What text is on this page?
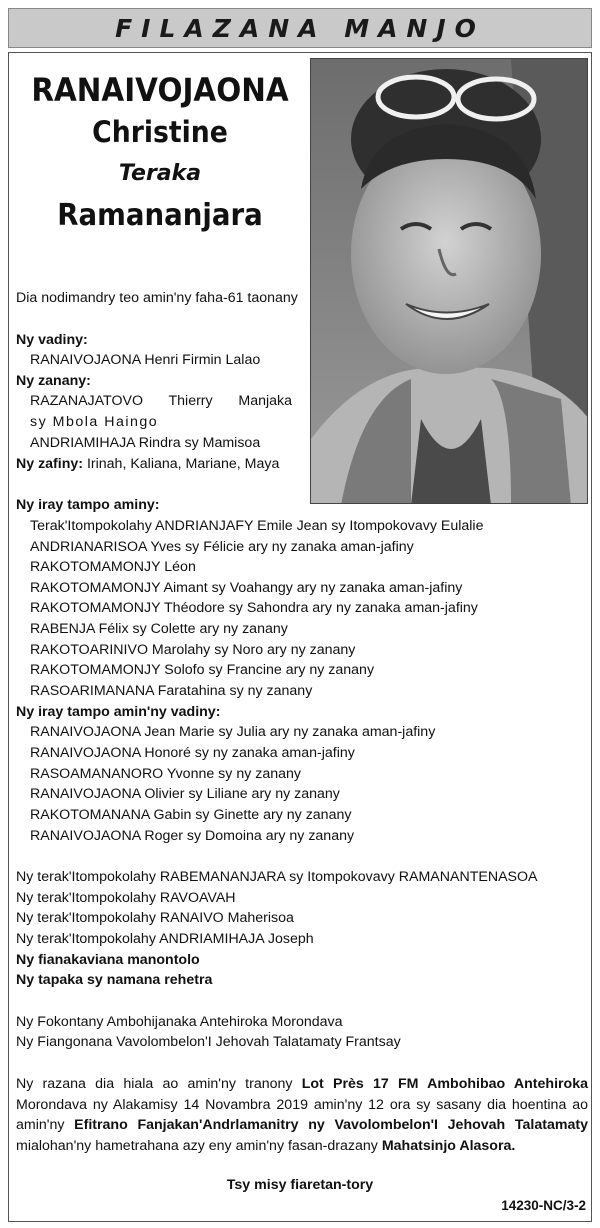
FILAZANA MANJO
RANAIVOJAONA
Christine
Teraka
Ramananjara
Dia nodimandry teo amin'ny faha-61 taonany
Ny vadiny:
RANAIVOJAONA Henri Firmin Lalao
Ny zanany:
RAZANAJATOVO Thierry Manjaka
sy Mbola Haingo
ANDRIAMIHAJA Rindra sy Mamisoa
Ny zafiny: Irinah, Kaliana, Mariane, Maya
Ny iray tampo aminy:
Terak'Itompokolahy ANDRIANJAFY Emile Jean sy Itompokovavy Eulalie
ANDRIANARISOA Yves sy Félicie ary ny zanaka aman-jafiny
RAKOTOMAMONJY Léon
RAKOTOMAMONJY Aimant sy Voahangy ary ny zanaka aman-jafiny
RAKOTOMAMONJY Théodore sy Sahondra ary ny zanaka aman-jafiny
RABENJA Félix sy Colette ary ny zanany
RAKOTOARINIVO Marolahy sy Noro ary ny zanany
RAKOTOMAMONJY Solofo sy Francine ary ny zanany
RASOARIMANANA Faratahina sy ny zanany
Ny iray tampo amin'ny vadiny:
RANAIVOJAONA Jean Marie sy Julia ary ny zanaka aman-jafiny
RANAIVOJAONA Honoré sy ny zanaka aman-jafiny
RASOAMANANORO Yvonne sy ny zanany
RANAIVOJAONA Olivier sy Liliane ary ny zanany
RAKOTOMANANA Gabin sy Ginette ary ny zanany
RANAIVOJAONA Roger sy Domoina ary ny zanany
Ny terak'Itompokolahy RABEMANANJARA sy Itompokovavy RAMANANTENASOA
Ny terak'Itompokolahy RAVOAVAH
Ny terak'Itompokolahy RANAIVO Maherisoa
Ny terak'Itompokolahy ANDRIAMIHAJA Joseph
Ny fianakaviana manontolo
Ny tapaka sy namana rehetra
Ny Fokontany Ambohijanaka Antehiroka Morondava
Ny Fiangonana Vavolombelon'I Jehovah Talatamaty Frantsay
Ny razana dia hiala ao amin'ny tranony Lot Près 17 FM Ambohibao Antehiroka Morondava ny Alakamisy 14 Novambra 2019 amin'ny 12 ora sy sasany dia hoentina ao amin'ny Efitrano Fanjakan'Andrlamanitry ny Vavolombelon'I Jehovah Talatamaty mialohan'ny hametrahana azy eny amin'ny fasan-drazany Mahatsinjo Alasora.
Tsy misy fiaretan-tory
14230-NC/3-2
